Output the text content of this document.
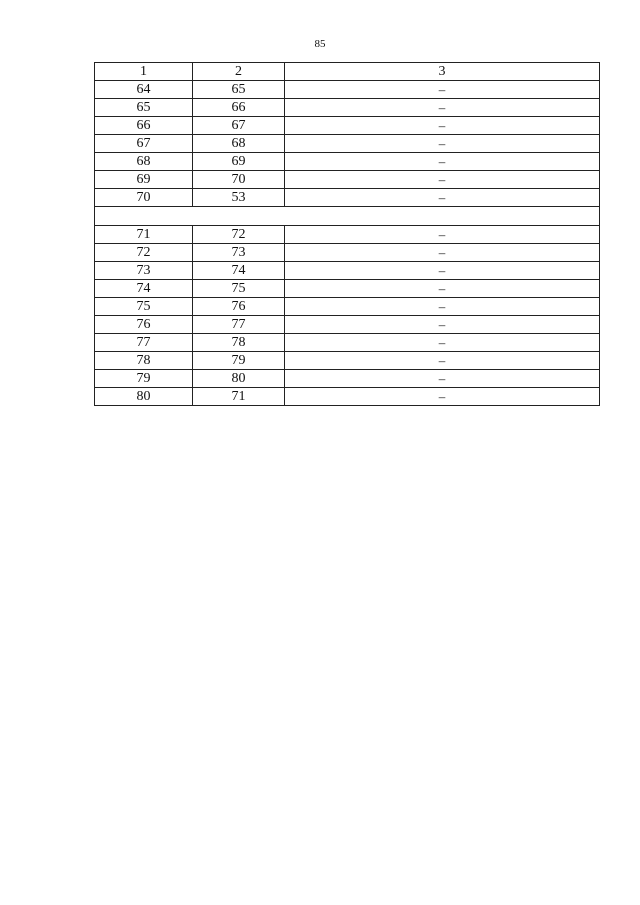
85
1	2	3
64	65	–
65	66	–
66	67	–
67	68	–
68	69	–
69	70	–
70	53	–

71	72	–
72	73	–
73	74	–
74	75	–
75	76	–
76	77	–
77	78	–
78	79	–
79	80	–
80	71	–
